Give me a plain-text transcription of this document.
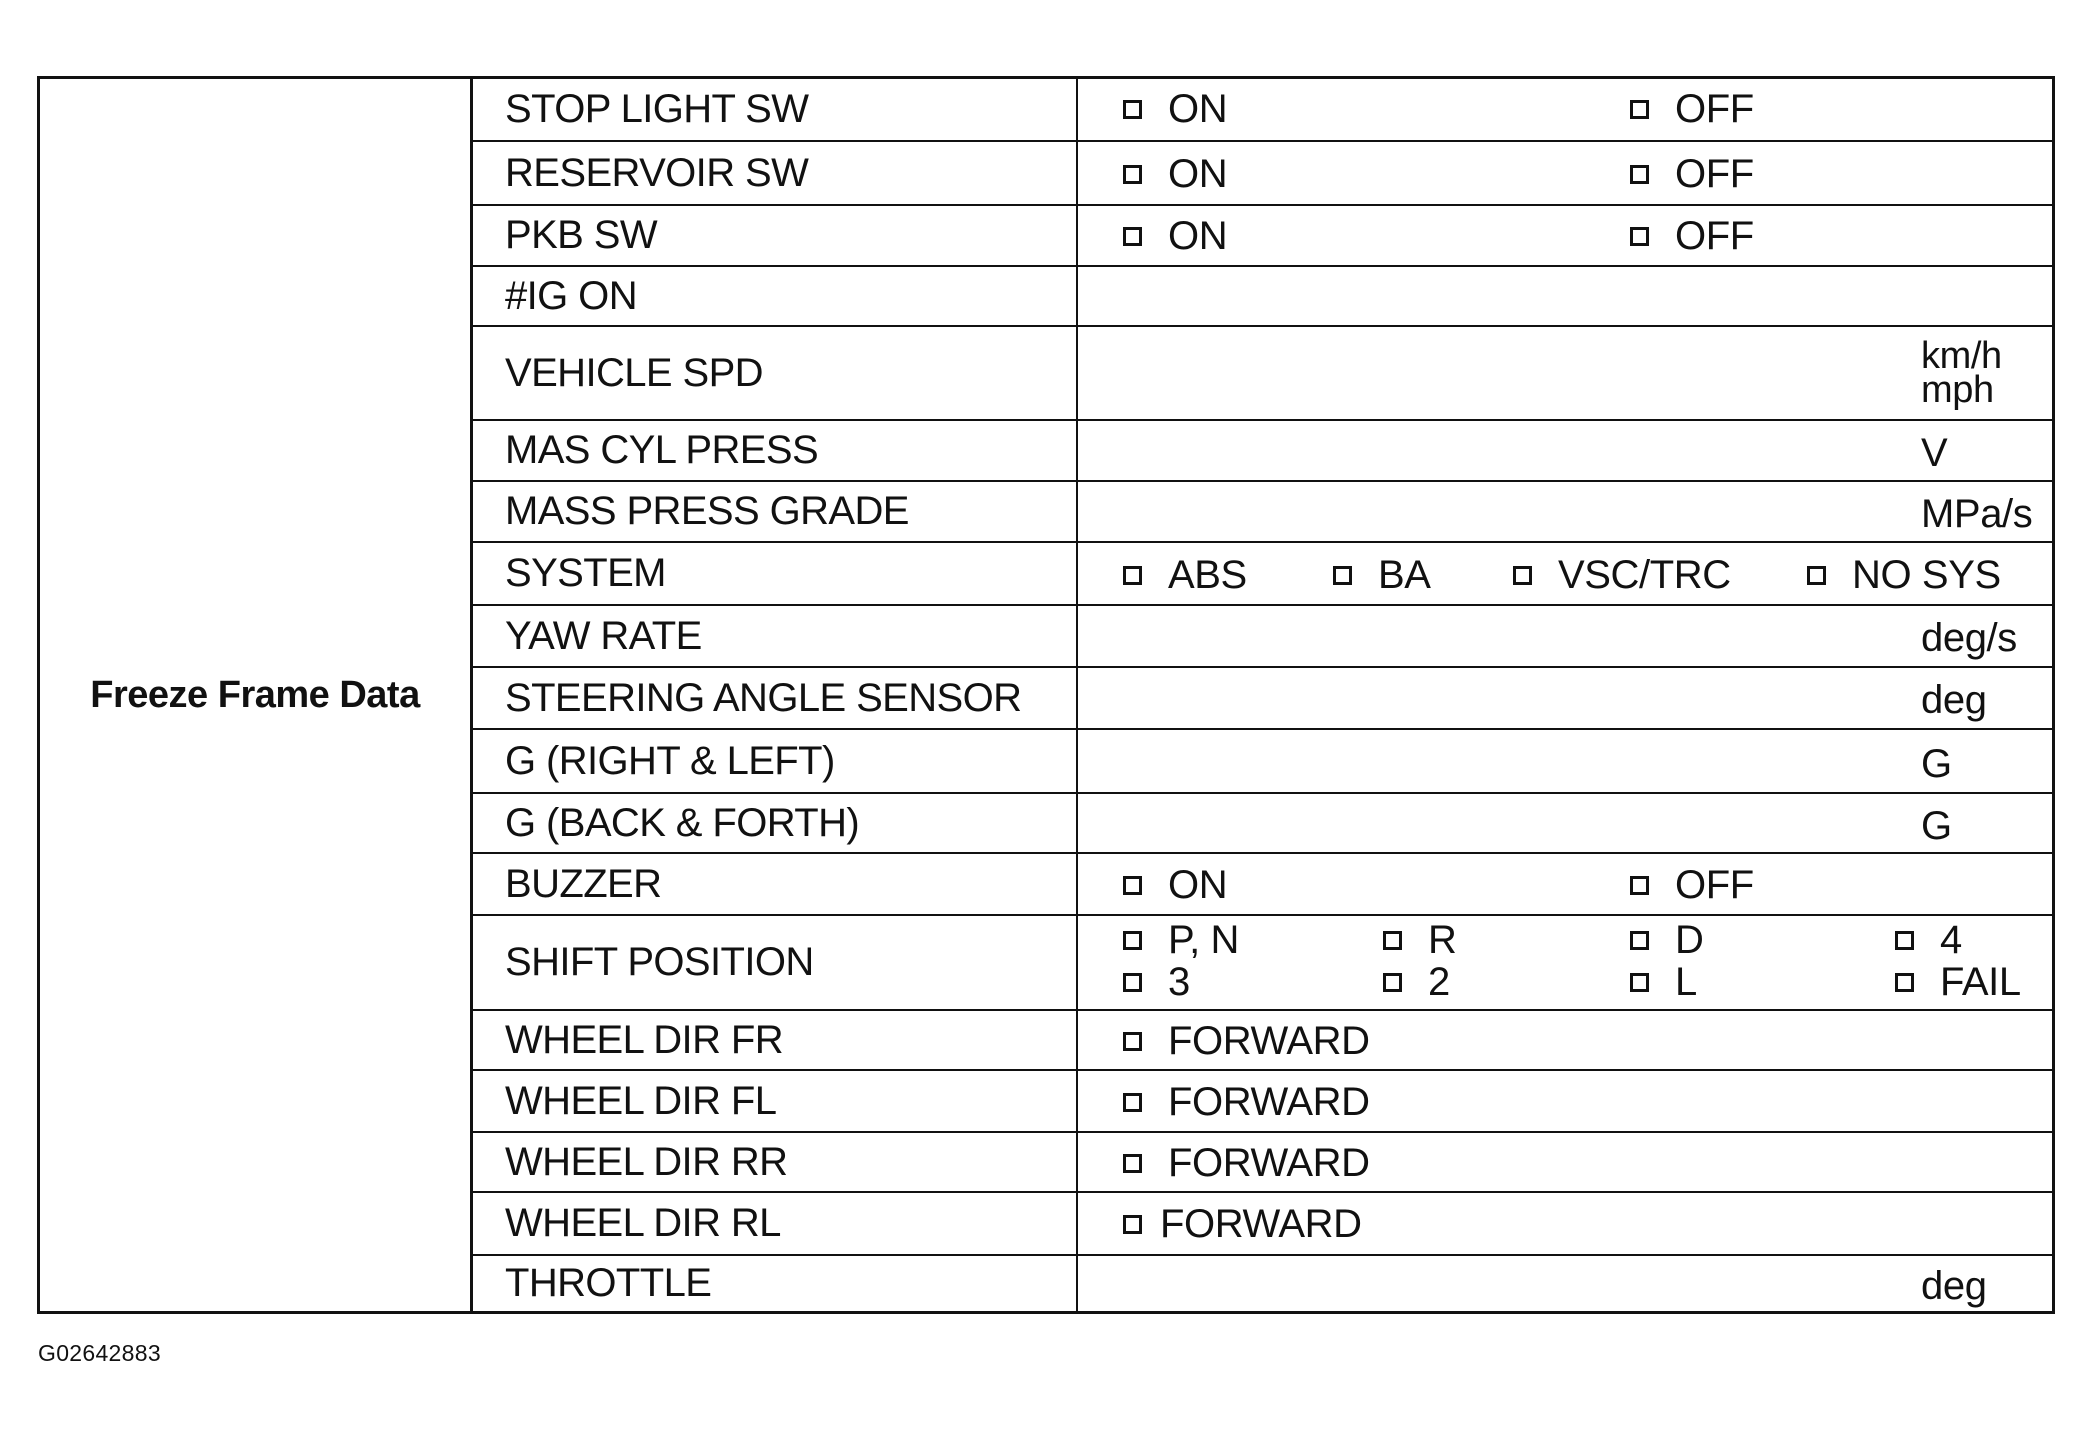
Freeze Frame Data
STOP LIGHT SW	ON	OFF
RESERVOIR SW	ON	OFF
PKB SW	ON	OFF
#IG ON
VEHICLE SPD	km/h
mph
MAS CYL PRESS	V
MASS PRESS GRADE	MPa/s
SYSTEM	ABS	BA	VSC/TRC	NO SYS
YAW RATE	deg/s
STEERING ANGLE SENSOR	deg
G (RIGHT & LEFT)	G
G (BACK & FORTH)	G
BUZZER	ON	OFF
SHIFT POSITION	P, N	R	D	4
3	2	L	FAIL
WHEEL DIR FR	FORWARD
WHEEL DIR FL	FORWARD
WHEEL DIR RR	FORWARD
WHEEL DIR RL	FORWARD
THROTTLE	deg
G02642883
